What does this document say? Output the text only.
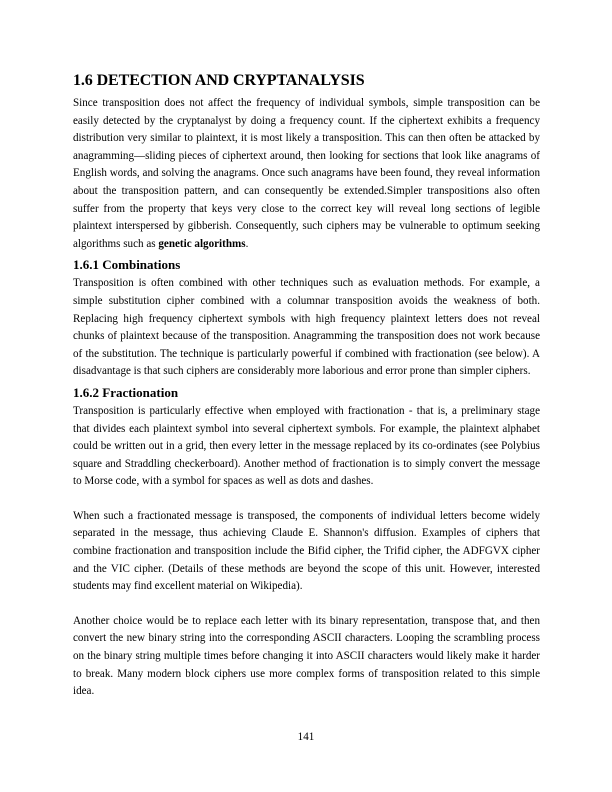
1.6 DETECTION AND CRYPTANALYSIS

Since transposition does not affect the frequency of individual symbols, simple transposition can be easily detected by the cryptanalyst by doing a frequency count. If the ciphertext exhibits a frequency distribution very similar to plaintext, it is most likely a transposition. This can then often be attacked by anagramming—sliding pieces of ciphertext around, then looking for sections that look like anagrams of English words, and solving the anagrams. Once such anagrams have been found, they reveal information about the transposition pattern, and can consequently be extended.Simpler transpositions also often suffer from the property that keys very close to the correct key will reveal long sections of legible plaintext interspersed by gibberish. Consequently, such ciphers may be vulnerable to optimum seeking algorithms such as genetic algorithms.

1.6.1 Combinations

Transposition is often combined with other techniques such as evaluation methods. For example, a simple substitution cipher combined with a columnar transposition avoids the weakness of both. Replacing high frequency ciphertext symbols with high frequency plaintext letters does not reveal chunks of plaintext because of the transposition. Anagramming the transposition does not work because of the substitution. The technique is particularly powerful if combined with fractionation (see below). A disadvantage is that such ciphers are considerably more laborious and error prone than simpler ciphers.

1.6.2 Fractionation

Transposition is particularly effective when employed with fractionation - that is, a preliminary stage that divides each plaintext symbol into several ciphertext symbols. For example, the plaintext alphabet could be written out in a grid, then every letter in the message replaced by its co-ordinates (see Polybius square and Straddling checkerboard). Another method of fractionation is to simply convert the message to Morse code, with a symbol for spaces as well as dots and dashes.

When such a fractionated message is transposed, the components of individual letters become widely separated in the message, thus achieving Claude E. Shannon's diffusion. Examples of ciphers that combine fractionation and transposition include the Bifid cipher, the Trifid cipher, the ADFGVX cipher and the VIC cipher. (Details of these methods are beyond the scope of this unit. However, interested students may find excellent material on Wikipedia).

Another choice would be to replace each letter with its binary representation, transpose that, and then convert the new binary string into the corresponding ASCII characters. Looping the scrambling process on the binary string multiple times before changing it into ASCII characters would likely make it harder to break. Many modern block ciphers use more complex forms of transposition related to this simple idea.

141
